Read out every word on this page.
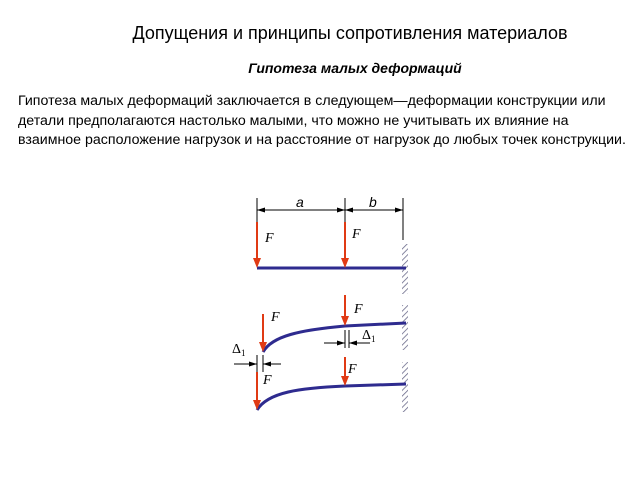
Допущения и принципы сопротивления материалов
Гипотеза малых деформаций

Гипотеза малых деформаций заключается в следующем—деформации конструкции или детали предполагаются настолько малыми, что можно не учитывать их влияние на взаимное расположение нагрузок и на расстояние от нагрузок до любых точек конструкции.

a	b
F	F
F
F
$\Delta_1$
$\Delta_1$
F
F
